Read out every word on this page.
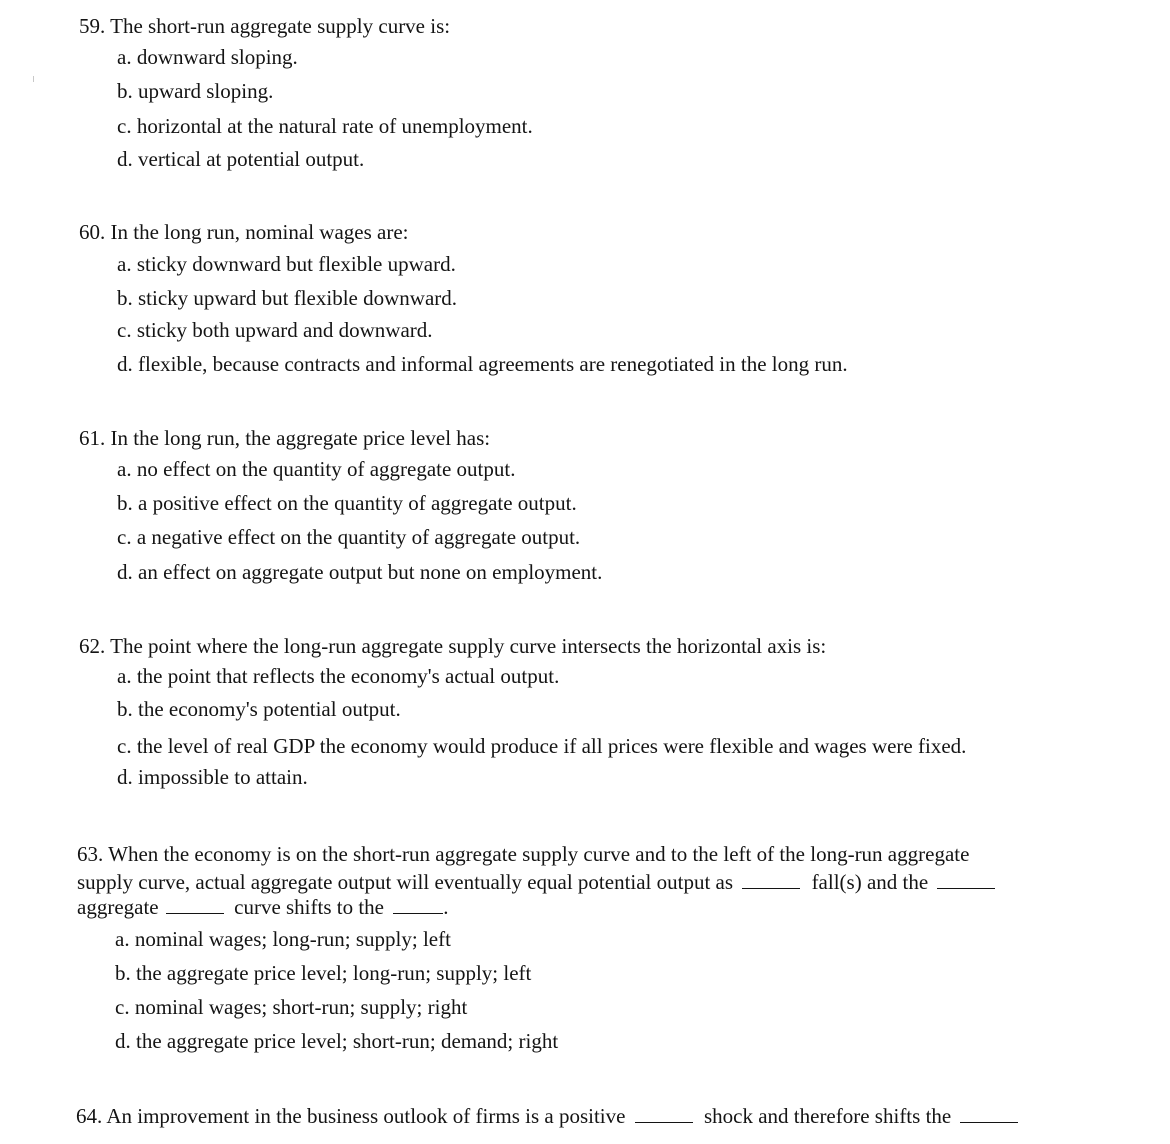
59. The short-run aggregate supply curve is:
a. downward sloping.
b. upward sloping.
c. horizontal at the natural rate of unemployment.
d. vertical at potential output.
60. In the long run, nominal wages are:
a. sticky downward but flexible upward.
b. sticky upward but flexible downward.
c. sticky both upward and downward.
d. flexible, because contracts and informal agreements are renegotiated in the long run.
61. In the long run, the aggregate price level has:
a. no effect on the quantity of aggregate output.
b. a positive effect on the quantity of aggregate output.
c. a negative effect on the quantity of aggregate output.
d. an effect on aggregate output but none on employment.
62. The point where the long-run aggregate supply curve intersects the horizontal axis is:
a. the point that reflects the economy's actual output.
b. the economy's potential output.
c. the level of real GDP the economy would produce if all prices were flexible and wages were fixed.
d. impossible to attain.
63. When the economy is on the short-run aggregate supply curve and to the left of the long-run aggregate
supply curve, actual aggregate output will eventually equal potential output as	fall(s) and the
aggregate	curve shifts to the	.
a. nominal wages; long-run; supply; left
b. the aggregate price level; long-run; supply; left
c. nominal wages; short-run; supply; right
d. the aggregate price level; short-run; demand; right
64. An improvement in the business outlook of firms is a positive	shock and therefore shifts the
